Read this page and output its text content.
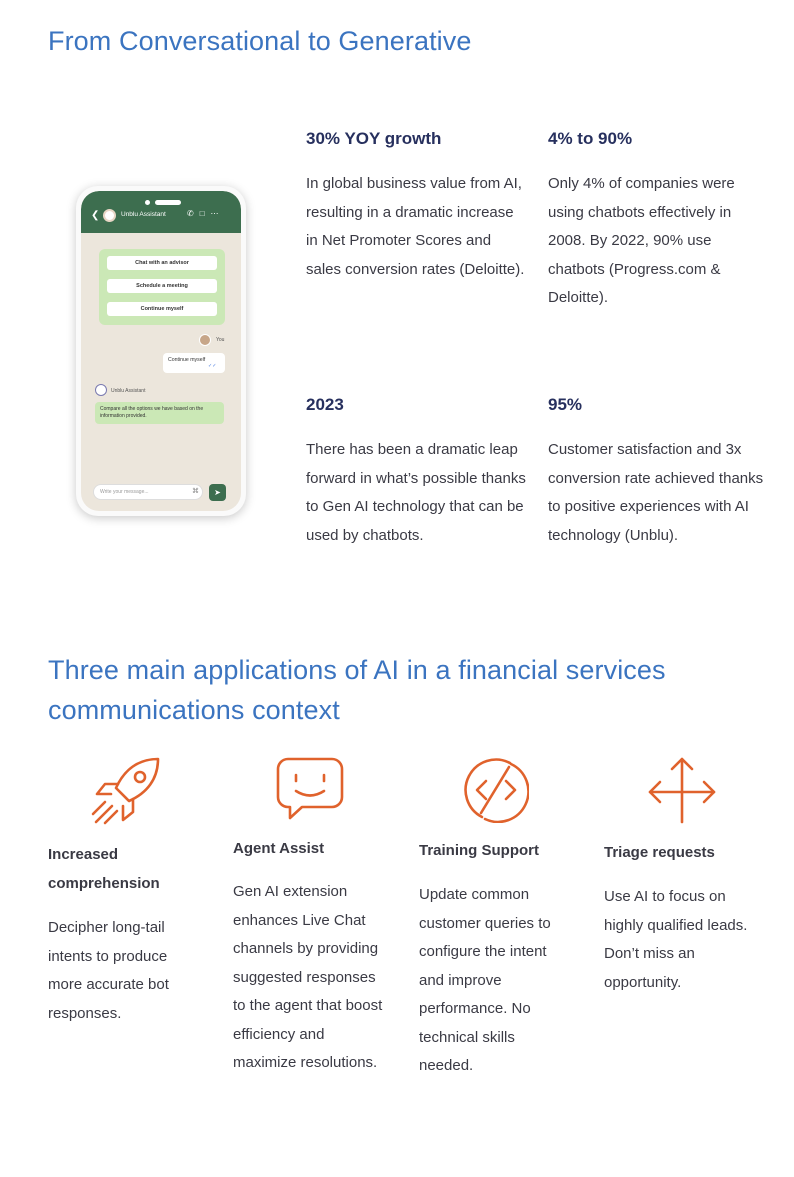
From Conversational to Generative
❮	Unblu Assistant	✆□⋯
Chat with an advisor
Schedule a meeting
Continue myself
You
Continue myself
✓✓
Unblu Assistant
Compare all the options we have based on the information provided.
Write your message...	⌘	➤
30% YOY growth

In global business value from AI, resulting in a dramatic increase in Net Promoter Scores and sales conversion rates (Deloitte).

4% to 90%

Only 4% of companies were using chatbots effectively in 2008. By 2022, 90% use chatbots (Progress.com & Deloitte).

2023

There has been a dramatic leap forward in what’s possible thanks to Gen AI technology that can be used by chatbots.

95%

Customer satisfaction and 3x conversion rate achieved thanks to positive experiences with AI technology (Unblu).

Three main applications of AI in a financial services communications context
Increased comprehension

Decipher long-tail intents to produce more accurate bot responses.

Agent Assist

Gen AI extension enhances Live Chat channels by providing suggested responses to the agent that boost efficiency and maximize resolutions.

Training Support

Update common customer queries to configure the intent and improve performance. No technical skills needed.

Triage requests

Use AI to focus on highly qualified leads. Don’t miss an opportunity.
